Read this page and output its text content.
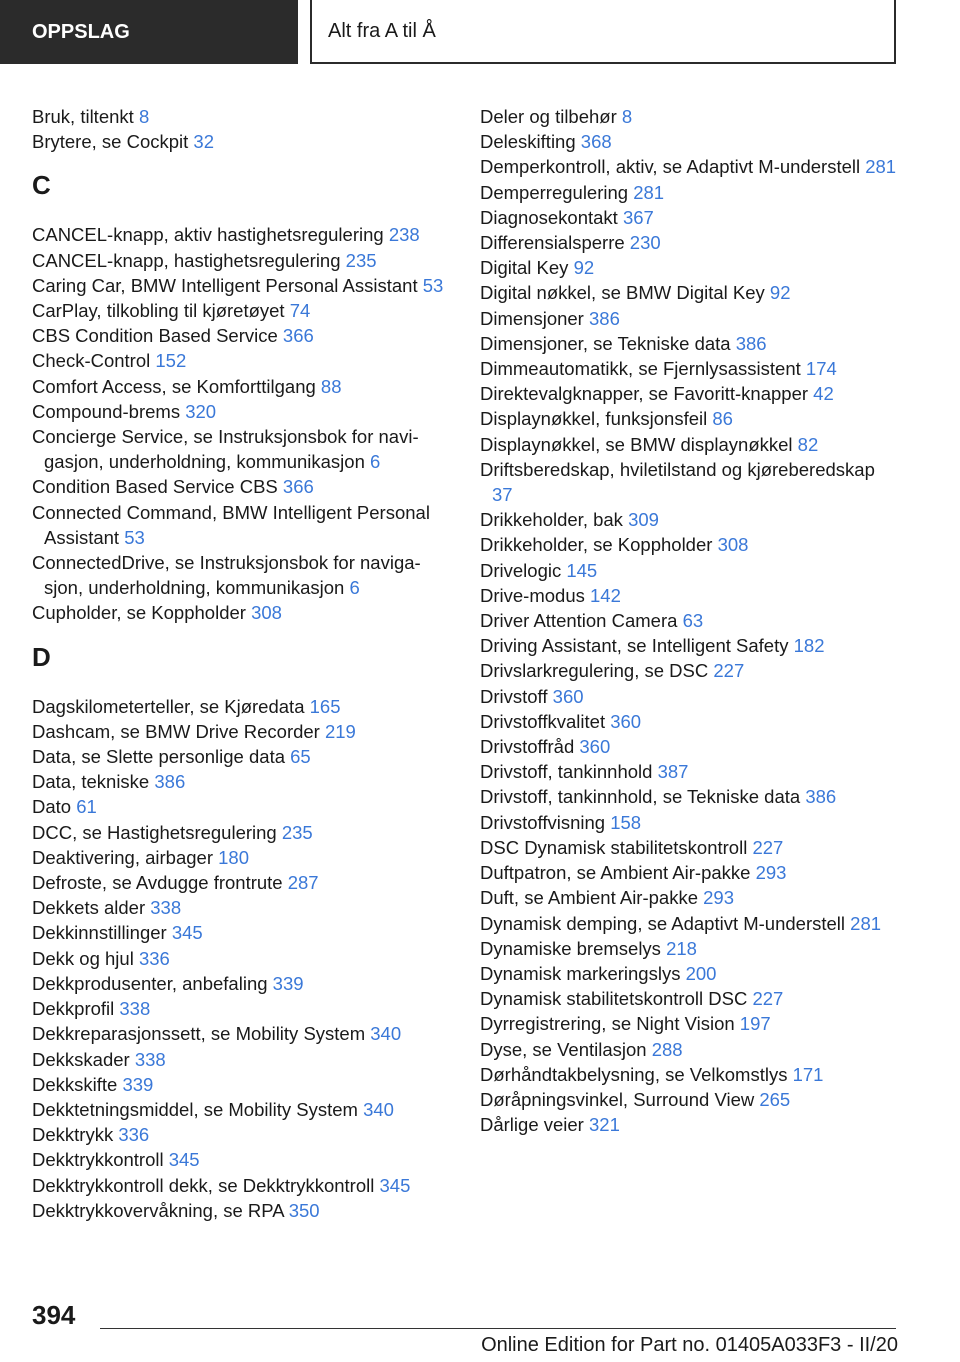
OPPSLAG	Alt fra A til Å
Bruk, tiltenkt 8
Brytere, se Cockpit 32
C
CANCEL-knapp, aktiv hastighetsregulering 238
CANCEL-knapp, hastighetsregulering 235
Caring Car, BMW Intelligent Personal Assistant 53
CarPlay, tilkobling til kjøretøyet 74
CBS Condition Based Service 366
Check-Control 152
Comfort Access, se Komforttilgang 88
Compound-brems 320
Concierge Service, se Instruksjonsbok for navigasjon, underholdning, kommunikasjon 6
Condition Based Service CBS 366
Connected Command, BMW Intelligent Personal Assistant 53
ConnectedDrive, se Instruksjonsbok for navigasjon, underholdning, kommunikasjon 6
Cupholder, se Koppholder 308
D
Dagskilometerteller, se Kjøredata 165
Dashcam, se BMW Drive Recorder 219
Data, se Slette personlige data 65
Data, tekniske 386
Dato 61
DCC, se Hastighetsregulering 235
Deaktivering, airbager 180
Defroste, se Avdugge frontrute 287
Dekkets alder 338
Dekkinnstillinger 345
Dekk og hjul 336
Dekkprodusenter, anbefaling 339
Dekkprofil 338
Dekkreparasjonssett, se Mobility System 340
Dekkskader 338
Dekkskifte 339
Dekktetningsmiddel, se Mobility System 340
Dekktrykk 336
Dekktrykkontroll 345
Dekktrykkontroll dekk, se Dekktrykkontroll 345
Dekktrykkovervåkning, se RPA 350
Deler og tilbehør 8
Deleskifting 368
Demperkontroll, aktiv, se Adaptivt M-understell 281
Demperregulering 281
Diagnosekontakt 367
Differensialsperre 230
Digital Key 92
Digital nøkkel, se BMW Digital Key 92
Dimensjoner 386
Dimensjoner, se Tekniske data 386
Dimmeautomatikk, se Fjernlysassistent 174
Direktevalgknapper, se Favoritt-knapper 42
Displaynøkkel, funksjonsfeil 86
Displaynøkkel, se BMW displaynøkkel 82
Driftsberedskap, hviletilstand og kjøreberedskap 37
Drikkeholder, bak 309
Drikkeholder, se Koppholder 308
Drivelogic 145
Drive-modus 142
Driver Attention Camera 63
Driving Assistant, se Intelligent Safety 182
Drivslarkregulering, se DSC 227
Drivstoff 360
Drivstoffkvalitet 360
Drivstoffråd 360
Drivstoff, tankinnhold 387
Drivstoff, tankinnhold, se Tekniske data 386
Drivstoffvisning 158
DSC Dynamisk stabilitetskontroll 227
Duftpatron, se Ambient Air-pakke 293
Duft, se Ambient Air-pakke 293
Dynamisk demping, se Adaptivt M-understell 281
Dynamiske bremselys 218
Dynamisk markeringslys 200
Dynamisk stabilitetskontroll DSC 227
Dyrregistrering, se Night Vision 197
Dyse, se Ventilasjon 288
Dørhåndtakbelysning, se Velkomstlys 171
Døråpningsvinkel, Surround View 265
Dårlige veier 321
394
Online Edition for Part no. 01405A033F3 - II/20
